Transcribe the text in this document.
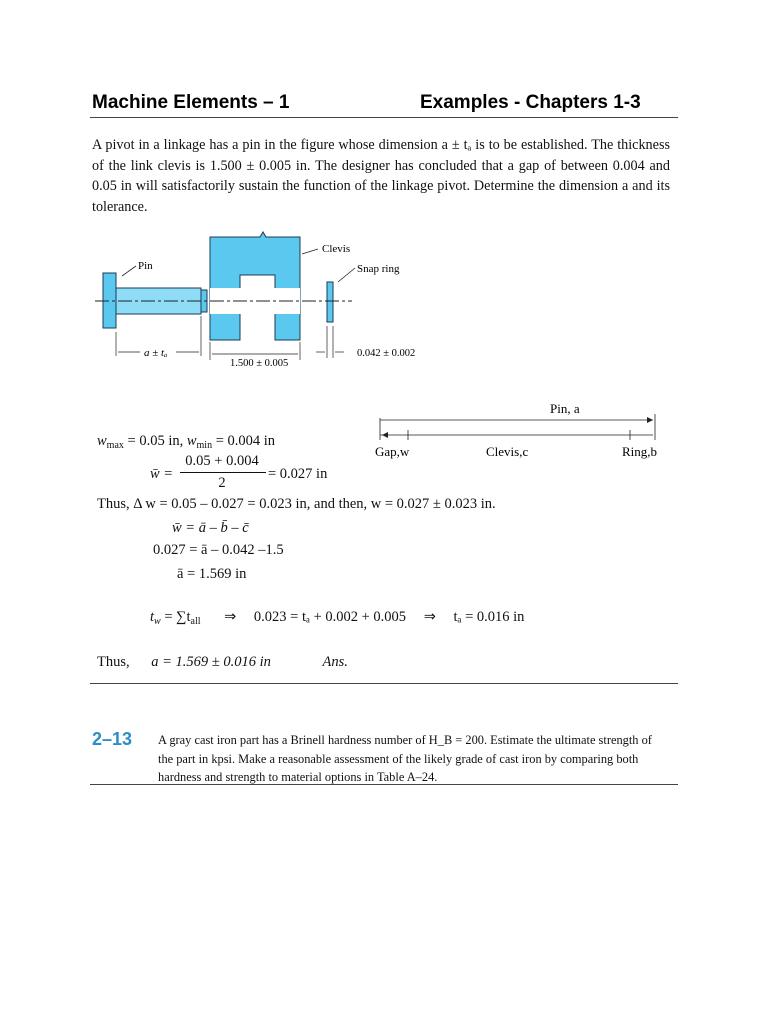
Machine Elements – 1	Examples - Chapters 1-3
A pivot in a linkage has a pin in the figure whose dimension a ± tₐ is to be established. The thickness of the link clevis is 1.500 ± 0.005 in. The designer has concluded that a gap of between 0.004 and 0.05 in will satisfactorily sustain the function of the linkage pivot. Determine the dimension a and its tolerance.
Pin
Clevis
Snap ring
a ± tₐ
1.500 ± 0.005
0.042 ± 0.002
Pin, a
Gap,w	Clevis,c	Ring,b
$w_{max} = 0.05$ in, $w_{min} = 0.004$ in
w̄ =
0.05 + 0.004
2
= 0.027 in
Thus, Δ w = 0.05 – 0.027 = 0.023 in, and then, w = 0.027 ± 0.023 in.
w̄ = ā – b̄ – c̄
0.027 = ā – 0.042 –1.5
ā = 1.569 in
$t_w = \sum t_{all}$ ⇒ 0.023 = tₐ + 0.002 + 0.005 ⇒ tₐ = 0.016 in
Thus, a = 1.569 ± 0.016 in	Ans.
2–13 A gray cast iron part has a Brinell hardness number of H_B = 200. Estimate the ultimate strength of the part in kpsi. Make a reasonable assessment of the likely grade of cast iron by comparing both hardness and strength to material options in Table A–24.
